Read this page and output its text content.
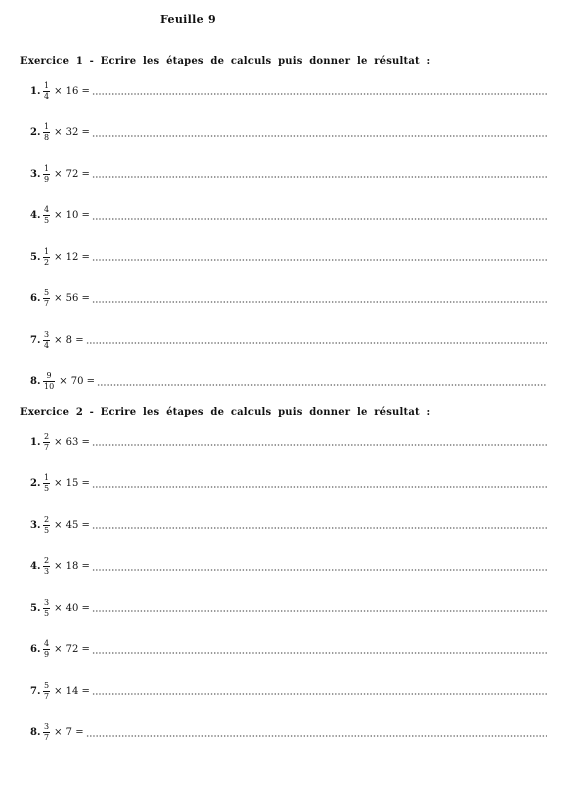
Feuille 9
Exercice 1 - Ecrire les étapes de calculs puis donner le résultat :
1. $\frac{1}{4} \times 16$ =
2. $\frac{1}{8} \times 32$ =
3. $\frac{1}{9} \times 72$ =
4. $\frac{4}{5} \times 10$ =
5. $\frac{1}{2} \times 12$ =
6. $\frac{5}{7} \times 56$ =
7. $\frac{3}{4} \times 8$ =
8. $\frac{9}{10} \times 70$ =
Exercice 2 - Ecrire les étapes de calculs puis donner le résultat :
1. $\frac{2}{7} \times 63$ =
2. $\frac{1}{5} \times 15$ =
3. $\frac{2}{5} \times 45$ =
4. $\frac{2}{3} \times 18$ =
5. $\frac{3}{5} \times 40$ =
6. $\frac{4}{9} \times 72$ =
7. $\frac{5}{7} \times 14$ =
8. $\frac{3}{7} \times 7$ =
